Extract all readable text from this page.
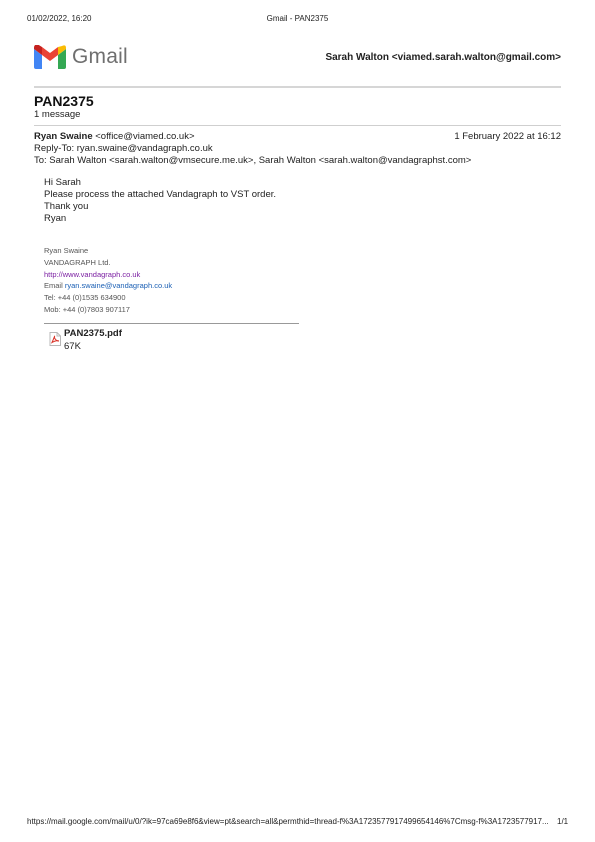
01/02/2022, 16:20	Gmail - PAN2375
Gmail	Sarah Walton <viamed.sarah.walton@gmail.com>
PAN2375
1 message
Ryan Swaine <office@viamed.co.uk>	1 February 2022 at 16:12
Reply-To: ryan.swaine@vandagraph.co.uk
To: Sarah Walton <sarah.walton@vmsecure.me.uk>, Sarah Walton <sarah.walton@vandagraphst.com>
Hi Sarah
Please process the attached Vandagraph to VST order.
Thank you
Ryan
Ryan Swaine
VANDAGRAPH Ltd.
http://www.vandagraph.co.uk
Email ryan.swaine@vandagraph.co.uk
Tel: +44 (0)1535 634900
Mob: +44 (0)7803 907117
PAN2375.pdf
67K
https://mail.google.com/mail/u/0/?ik=97ca69e8f6&view=pt&search=all&permthid=thread-f%3A1723577917499654146%7Cmsg-f%3A1723577917... 1/1
